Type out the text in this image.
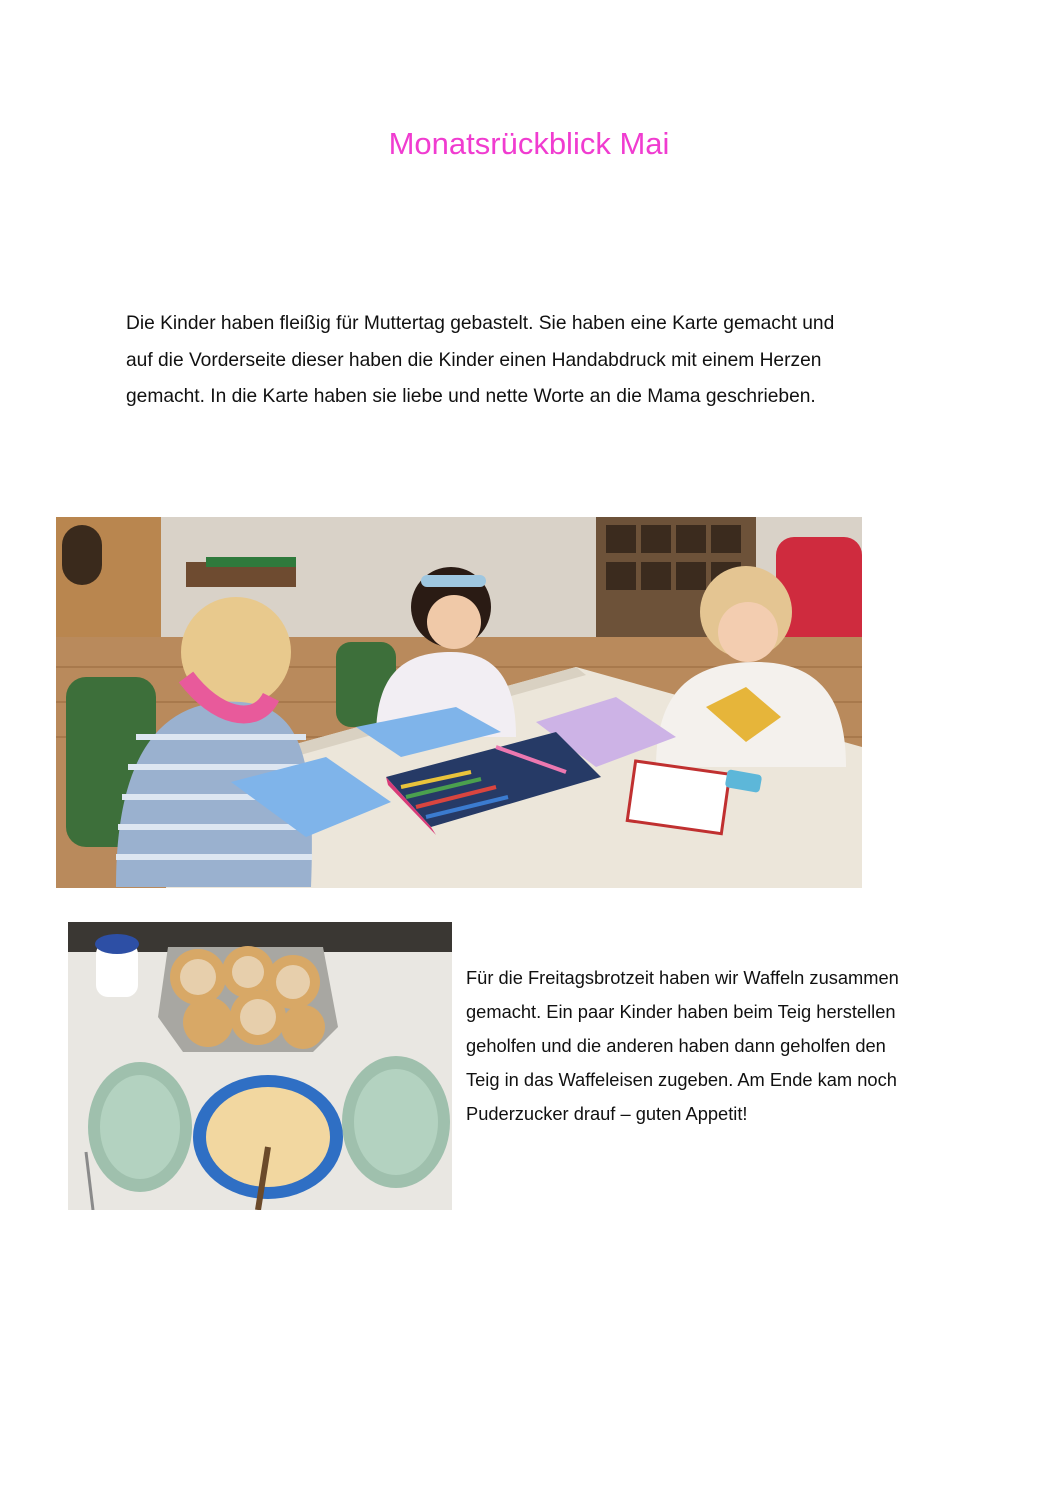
Monatsrückblick Mai

Die Kinder haben fleißig für Muttertag gebastelt. Sie haben eine Karte gemacht und
auf die Vorderseite dieser haben die Kinder einen Handabdruck mit einem Herzen
gemacht. In die Karte haben sie liebe und nette Worte an die Mama geschrieben.

Für die Freitagsbrotzeit haben wir Waffeln zusammen
gemacht. Ein paar Kinder haben beim Teig herstellen
geholfen und die anderen haben dann geholfen den
Teig in das Waffeleisen zugeben. Am Ende kam noch
Puderzucker drauf – guten Appetit!
